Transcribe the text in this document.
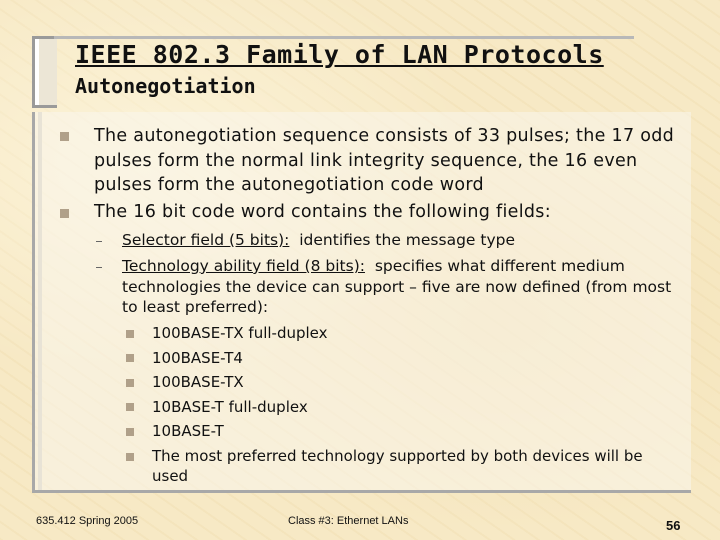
IEEE 802.3 Family of LAN Protocols
Autonegotiation
The autonegotiation sequence consists of 33 pulses; the 17 odd pulses form the normal link integrity sequence, the 16 even pulses form the autonegotiation code word
The 16 bit code word contains the following fields:
Selector field (5 bits): identifies the message type
Technology ability field (8 bits): specifies what different medium technologies the device can support – five are now defined (from most to least preferred):
100BASE-TX full-duplex
100BASE-T4
100BASE-TX
10BASE-T full-duplex
10BASE-T
The most preferred technology supported by both devices will be used
635.412 Spring 2005	Class #3: Ethernet LANs	56
